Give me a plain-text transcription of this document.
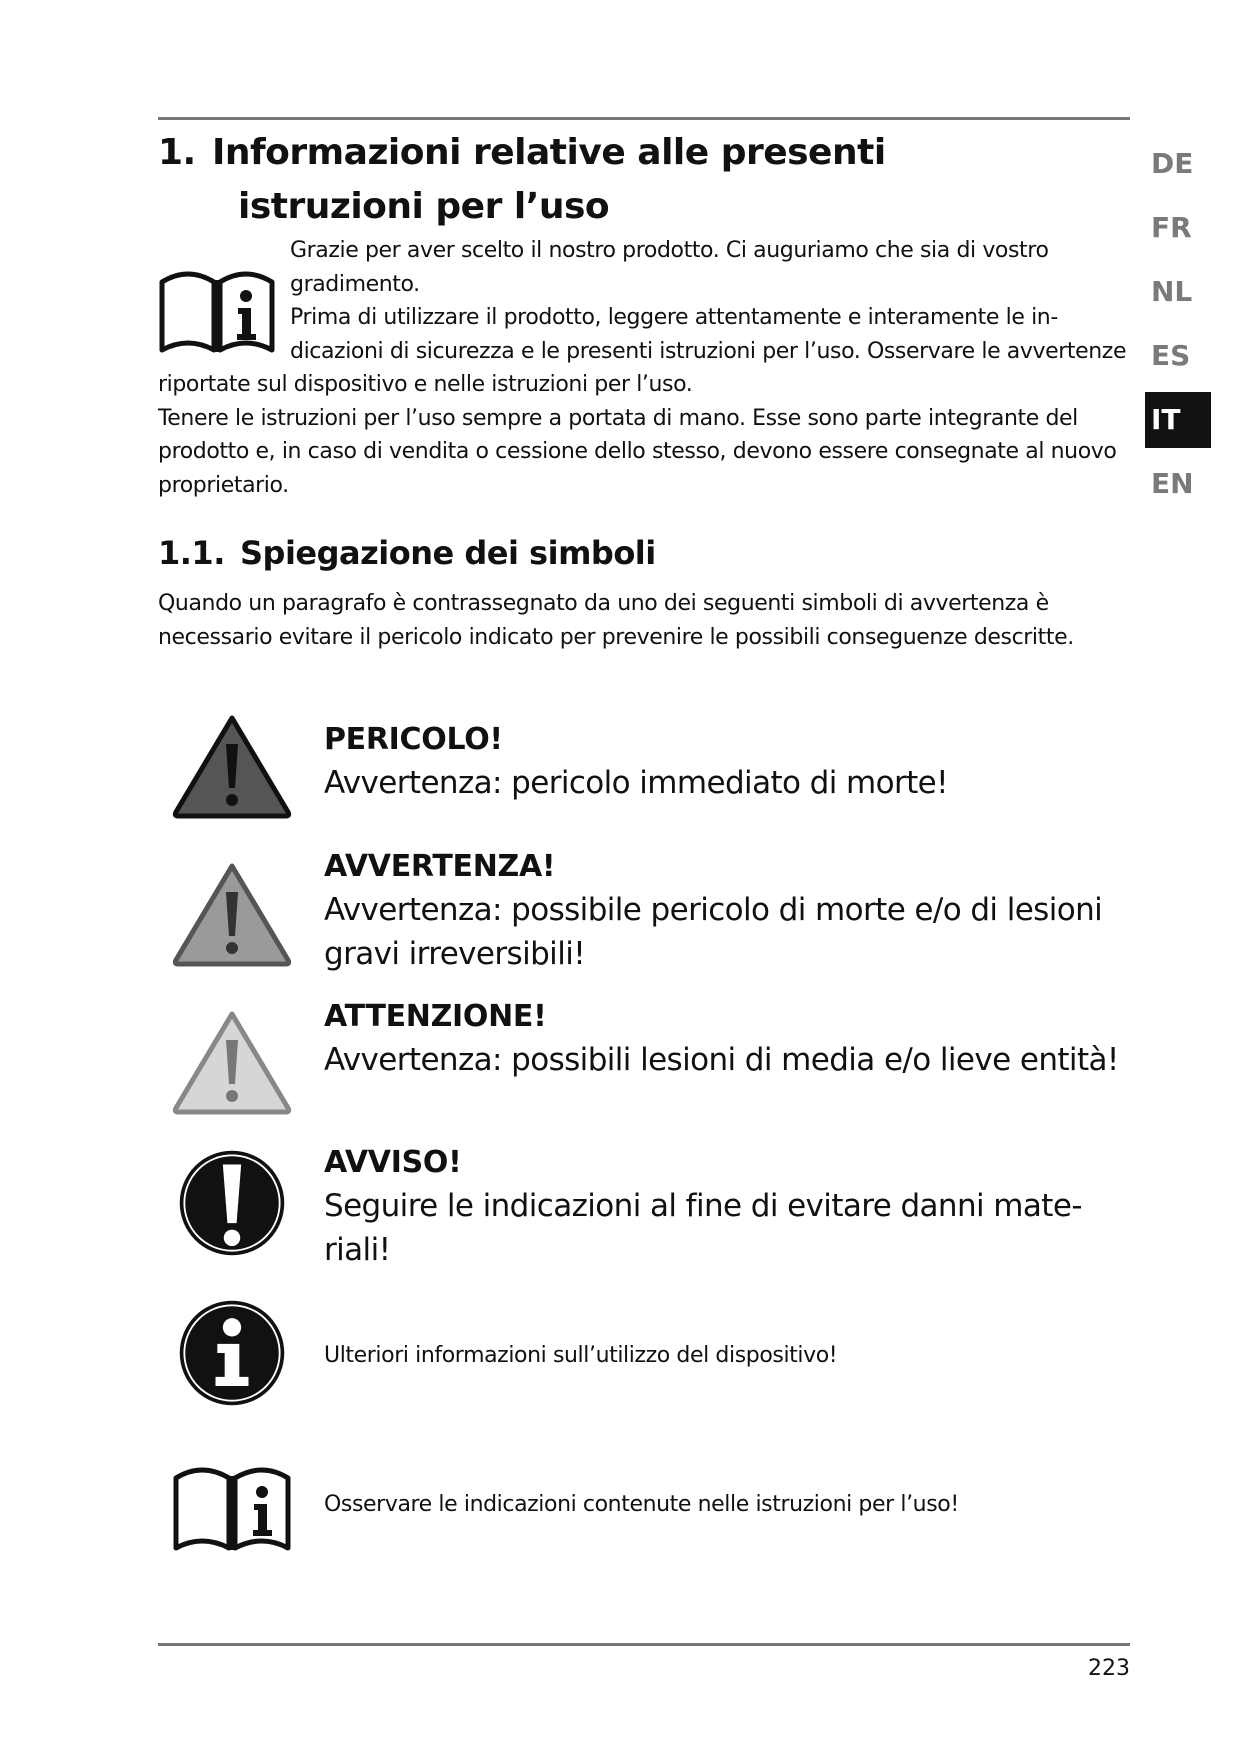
1. Informazioni relative alle presenti
istruzioni per l’uso

Grazie per aver scelto il nostro prodotto. Ci auguriamo che sia di vostro gradimento.

Prima di utilizzare il prodotto, leggere attentamente e interamente le indicazioni di sicurezza e le presenti istruzioni per l’uso. Osservare le avvertenze riportate sul dispositivo e nelle istruzioni per l’uso.

Tenere le istruzioni per l’uso sempre a portata di mano. Esse sono parte integrante del prodotto e, in caso di vendita o cessione dello stesso, devono essere consegnate al nuovo proprietario.

1.1. Spiegazione dei simboli

Quando un paragrafo è contrassegnato da uno dei seguenti simboli di avvertenza è necessario evitare il pericolo indicato per prevenire le possibili conseguenze descritte.

PERICOLO!

Avvertenza: pericolo immediato di morte!

AVVERTENZA!

Avvertenza: possibile pericolo di morte e/o di lesioni gravi irreversibili!

ATTENZIONE!

Avvertenza: possibili lesioni di media e/o lieve entità!

AVVISO!

Seguire le indicazioni al fine di evitare danni materiali!

Ulteriori informazioni sull’utilizzo del dispositivo!

Osservare le indicazioni contenute nelle istruzioni per l’uso!

DE
FR
NL
ES
IT
EN
223
